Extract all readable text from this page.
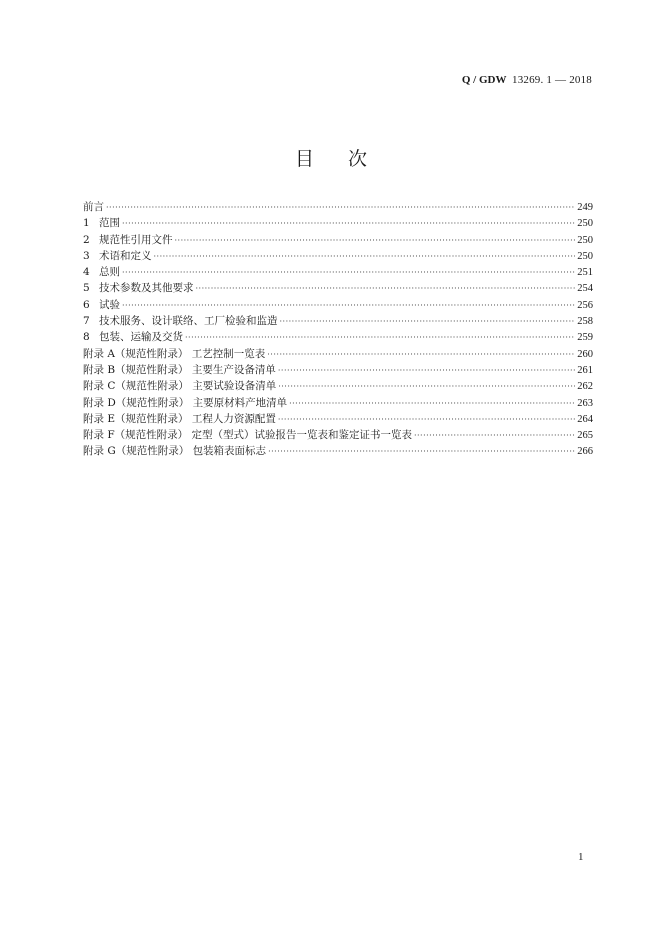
Q / GDW 13269. 1 — 2018
目次
前言 ·····	249
1 范围 ·····	250
2 规范性引用文件 ·····	250
3 术语和定义 ·····	250
4 总则 ·····	251
5 技术参数及其他要求 ·····	254
6 试验 ·····	256
7 技术服务、设计联络、工厂检验和监造 ·····	258
8 包装、运输及交货 ·····	259
附录 A（规范性附录） 工艺控制一览表 ·····	260
附录 B（规范性附录） 主要生产设备清单 ·····	261
附录 C（规范性附录） 主要试验设备清单 ·····	262
附录 D（规范性附录） 主要原材料产地清单 ·····	263
附录 E（规范性附录） 工程人力资源配置 ·····	264
附录 F（规范性附录） 定型（型式）试验报告一览表和鉴定证书一览表 ·····	265
附录 G（规范性附录） 包装箱表面标志 ·····	266
1
